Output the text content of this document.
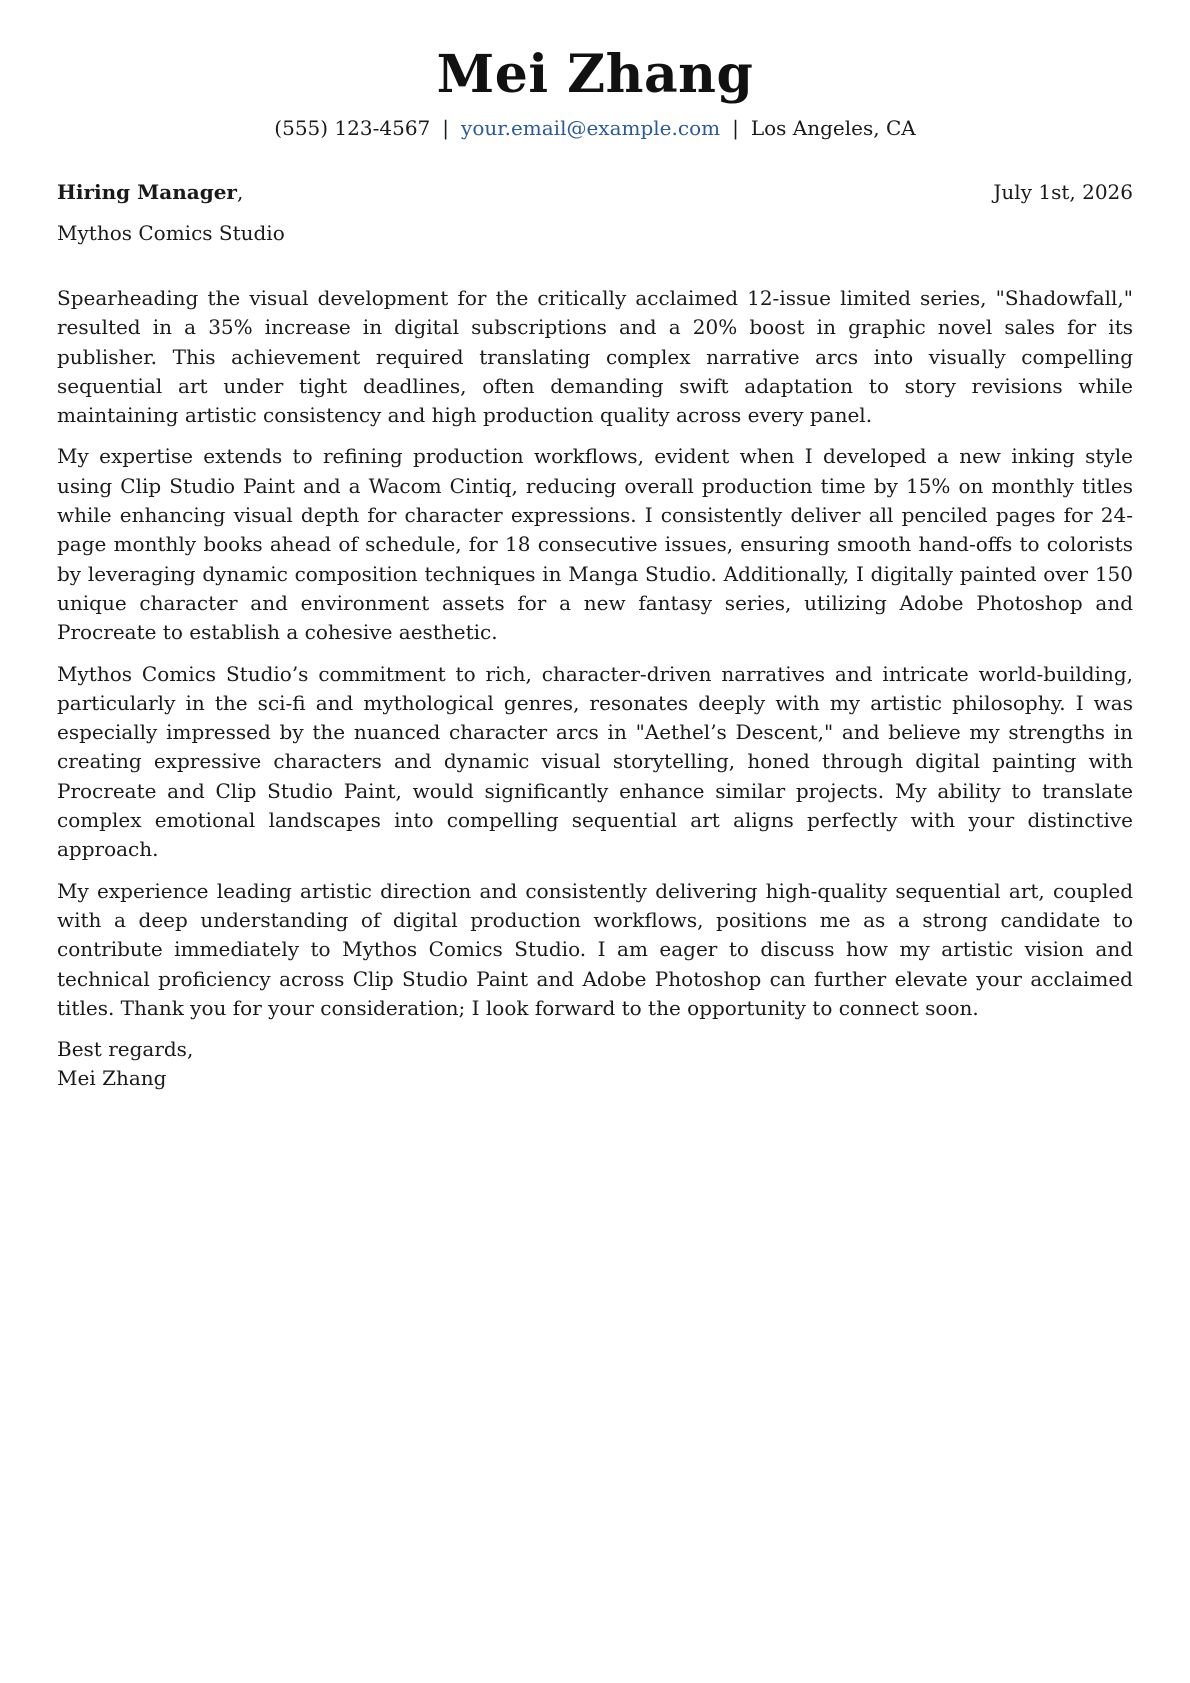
Mei Zhang
(555) 123-4567 | your.email@example.com | Los Angeles, CA
Hiring Manager,	July 1st, 2026
Mythos Comics Studio

Spearheading the visual development for the critically acclaimed 12-issue limited series, "Shadowfall," resulted in a 35% increase in digital subscriptions and a 20% boost in graphic novel sales for its publisher. This achievement required translating complex narrative arcs into visually compelling sequential art under tight deadlines, often demanding swift adaptation to story revisions while maintaining artistic consistency and high production quality across every panel.

My expertise extends to refining production workflows, evident when I developed a new inking style using Clip Studio Paint and a Wacom Cintiq, reducing overall production time by 15% on monthly titles while enhancing visual depth for character expressions. I consistently deliver all penciled pages for 24-page monthly books ahead of schedule, for 18 consecutive issues, ensuring smooth hand-offs to colorists by leveraging dynamic composition techniques in Manga Studio. Additionally, I digitally painted over 150 unique character and environment assets for a new fantasy series, utilizing Adobe Photoshop and Procreate to establish a cohesive aesthetic.

Mythos Comics Studio’s commitment to rich, character-driven narratives and intricate world-building, particularly in the sci-fi and mythological genres, resonates deeply with my artistic philosophy. I was especially impressed by the nuanced character arcs in "Aethel’s Descent," and believe my strengths in creating expressive characters and dynamic visual storytelling, honed through digital painting with Procreate and Clip Studio Paint, would significantly enhance similar projects. My ability to translate complex emotional landscapes into compelling sequential art aligns perfectly with your distinctive approach.

My experience leading artistic direction and consistently delivering high-quality sequential art, coupled with a deep understanding of digital production workflows, positions me as a strong candidate to contribute immediately to Mythos Comics Studio. I am eager to discuss how my artistic vision and technical proficiency across Clip Studio Paint and Adobe Photoshop can further elevate your acclaimed titles. Thank you for your consideration; I look forward to the opportunity to connect soon.

Best regards,
Mei Zhang
